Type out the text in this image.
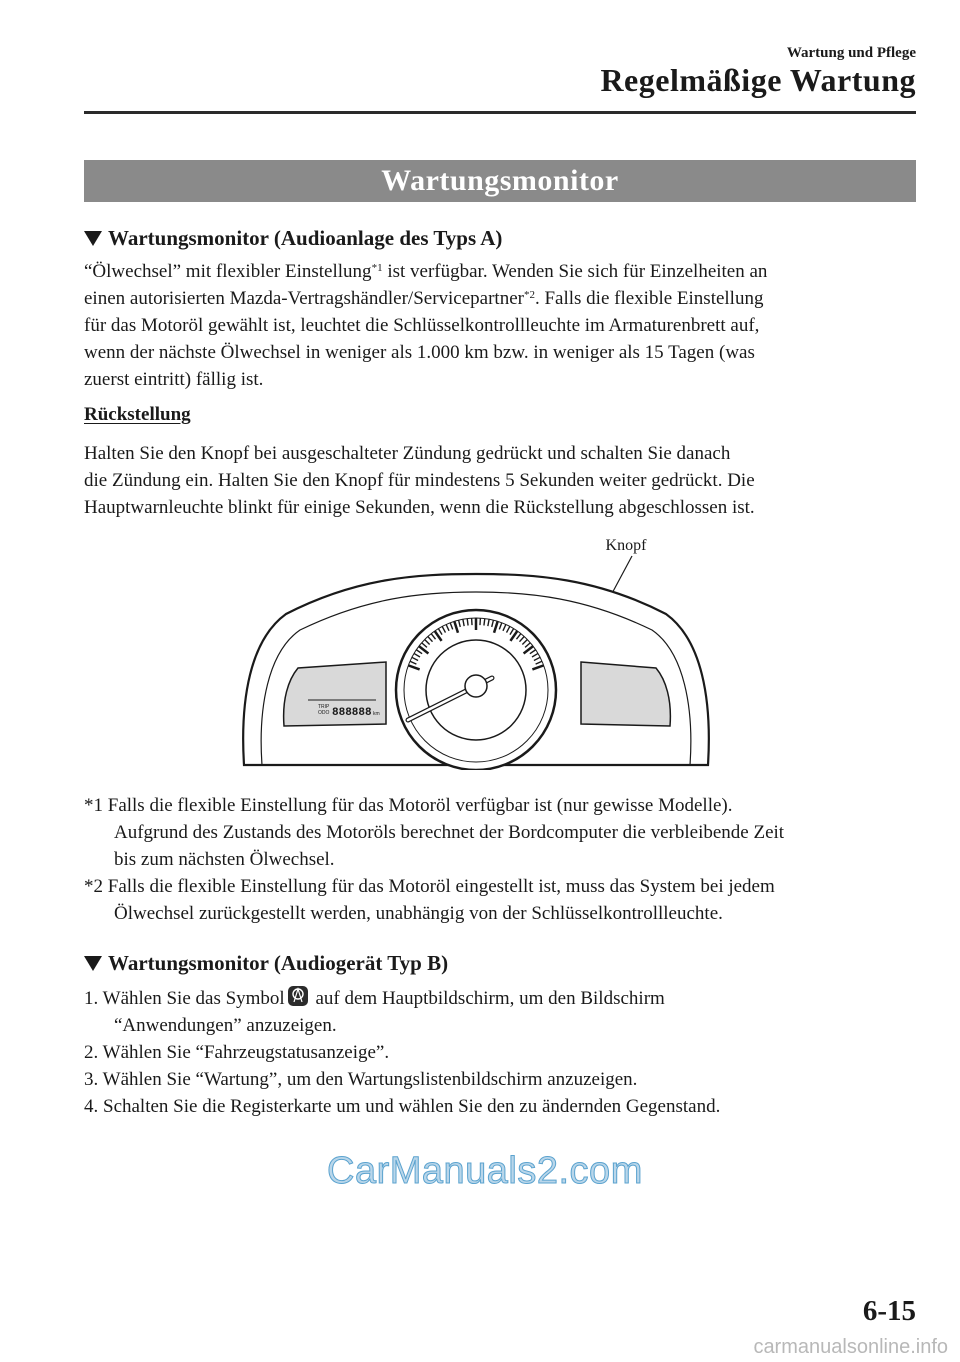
Wartung und Pflege
Regelmäßige Wartung
Wartungsmonitor
Wartungsmonitor (Audioanlage des Typs A)
“Ölwechsel” mit flexibler Einstellung$^{*1}$ ist verfügbar. Wenden Sie sich für Einzelheiten an
einen autorisierten Mazda-Vertragshändler/Servicepartner$^{*2}$. Falls die flexible Einstellung
für das Motoröl gewählt ist, leuchtet die Schlüsselkontrollleuchte im Armaturenbrett auf,
wenn der nächste Ölwechsel in weniger als 1.000 km bzw. in weniger als 15 Tagen (was
zuerst eintritt) fällig ist.
Rückstellung
Halten Sie den Knopf bei ausgeschalteter Zündung gedrückt und schalten Sie danach
die Zündung ein. Halten Sie den Knopf für mindestens 5 Sekunden weiter gedrückt. Die
Hauptwarnleuchte blinkt für einige Sekunden, wenn die Rückstellung abgeschlossen ist.
Knopf
TRIP
ODO 888888 km
*1 Falls die flexible Einstellung für das Motoröl verfügbar ist (nur gewisse Modelle).
Aufgrund des Zustands des Motoröls berechnet der Bordcomputer die verbleibende Zeit
bis zum nächsten Ölwechsel.
*2 Falls die flexible Einstellung für das Motoröl eingestellt ist, muss das System bei jedem
Ölwechsel zurückgestellt werden, unabhängig von der Schlüsselkontrollleuchte.
Wartungsmonitor (Audiogerät Typ B)
1. Wählen Sie das Symbol auf dem Hauptbildschirm, um den Bildschirm
“Anwendungen” anzuzeigen.
2. Wählen Sie “Fahrzeugstatusanzeige”.
3. Wählen Sie “Wartung”, um den Wartungslistenbildschirm anzuzeigen.
4. Schalten Sie die Registerkarte um und wählen Sie den zu ändernden Gegenstand.
CarManuals2.com
6-15
carmanualsonline.info
